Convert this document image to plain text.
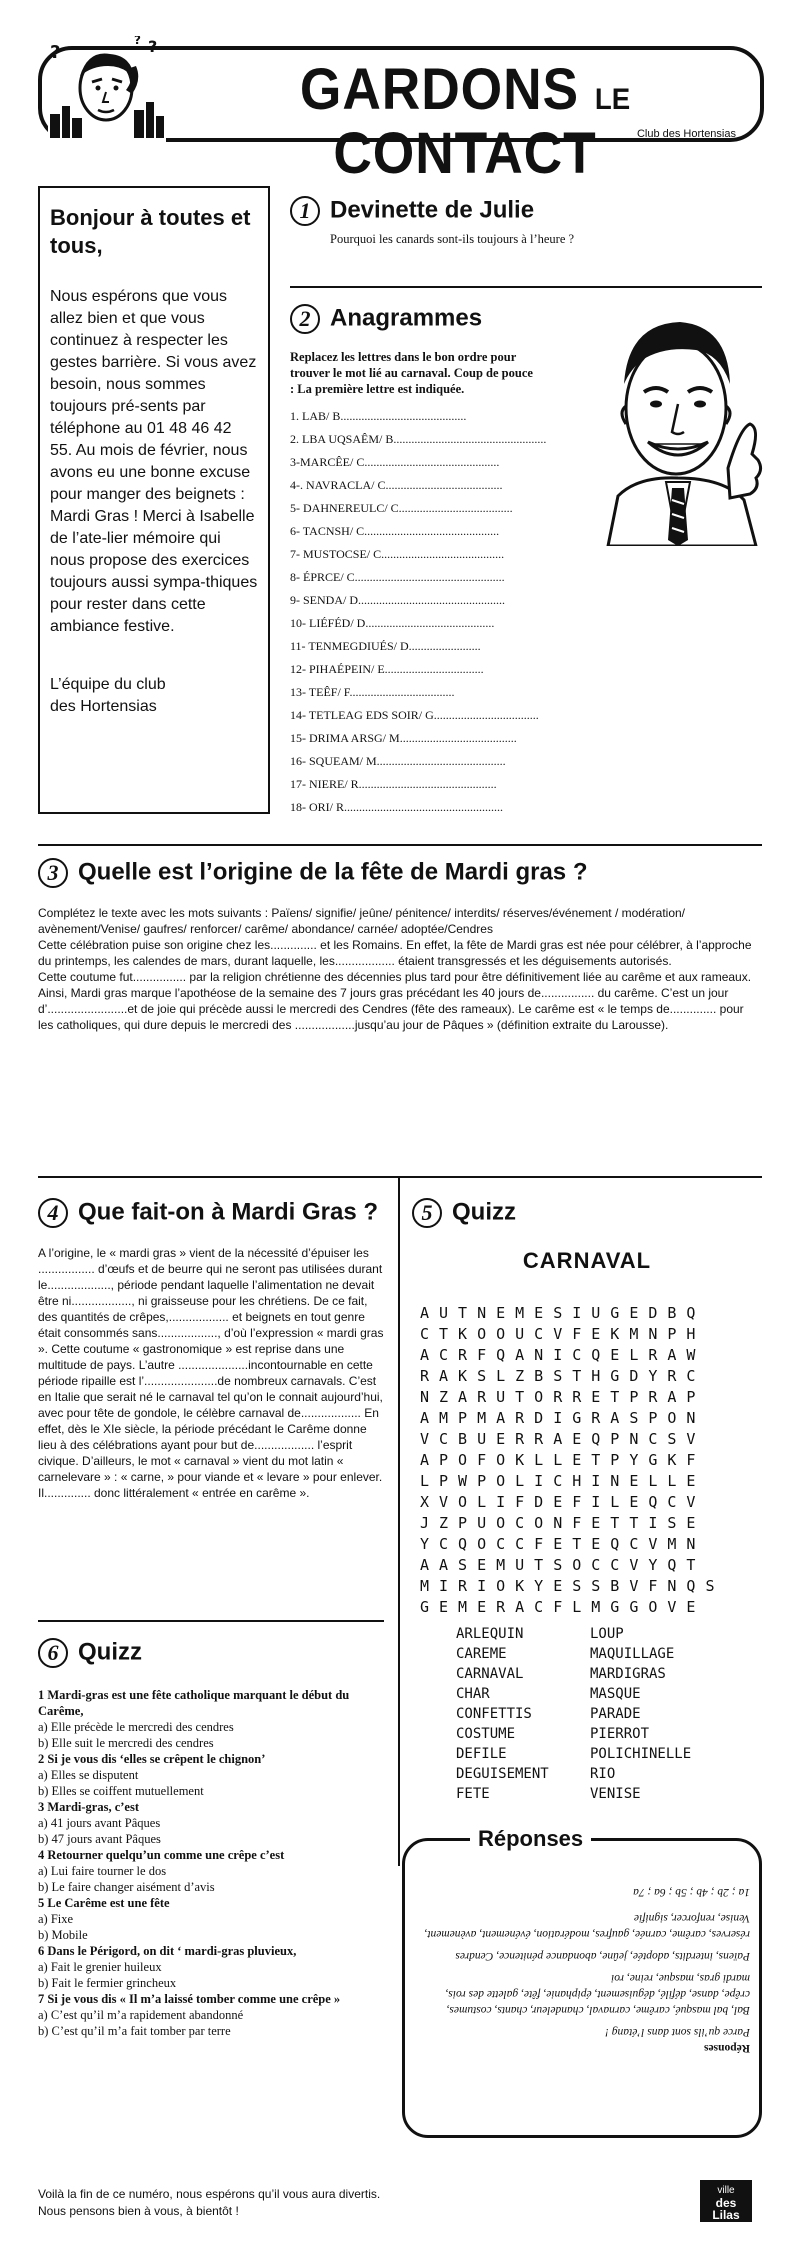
?	?
?
GARDONS LE CONTACT	Club des Hortensias
Bonjour à toutes et tous,

Nous espérons que vous allez bien et que vous continuez à respecter les gestes barrière. Si vous avez besoin, nous sommes toujours pré-sents par téléphone au 01 48 46 42 55. Au mois de février, nous avons eu une bonne excuse pour manger des beignets : Mardi Gras ! Merci à Isabelle de l’ate-lier mémoire qui nous propose des exercices toujours aussi sympa-thiques pour rester dans cette ambiance festive.

L’équipe du club

des Hortensias

1 Devinette de Julie
Pourquoi les canards sont-ils toujours à l’heure ?
2 Anagrammes
Replacez les lettres dans le bon ordre pour trouver le mot lié au carnaval. Coup de pouce : La première lettre est indiquée.
1. LAB/ B..........................................
2. LBA UQSAÊM/ B...................................................
3-MARCÊE/ C.............................................
4-. NAVRACLA/ C.......................................
5- DAHNEREULC/ C......................................
6- TACNSH/ C.............................................
7- MUSTOCSE/ C.........................................
8- ÉPRCE/ C..................................................
9- SENDA/ D.................................................
10- LIÉFÉD/ D...........................................
11- TENMEGDIUÉS/ D........................
12- PIHAÉPEIN/ E.................................
13- TEÊF/ F...................................
14- TETLEAG EDS SOIR/ G...................................
15- DRIMA ARSG/ M.......................................
16- SQUEAM/ M...........................................
17- NIERE/ R..............................................
18- ORI/ R.....................................................
3 Quelle est l’origine de la fête de Mardi gras ?
Complétez le texte avec les mots suivants : Païens/ signifie/ jeûne/ pénitence/ interdits/ réserves/événement / modération/ avènement/Venise/ gaufres/ renforcer/ carême/ abondance/ carnée/ adoptée/Cendres
Cette célébration puise son origine chez les.............. et les Romains. En effet, la fête de Mardi gras est née pour célébrer, à l’approche du printemps, les calendes de mars, durant laquelle, les.................. étaient transgressés et les déguisements autorisés.
Cette coutume fut................ par la religion chrétienne des décennies plus tard pour être définitivement liée au carême et aux rameaux. Ainsi, Mardi gras marque l’apothéose de la semaine des 7 jours gras précédant les 40 jours de................ du carême. C’est un jour d’........................et de joie qui précède aussi le mercredi des Cendres (fête des rameaux). Le carême est « le temps de.............. pour les catholiques, qui dure depuis le mercredi des ..................jusqu’au jour de Pâques » (définition extraite du Larousse).
4 Que fait-on à Mardi Gras ?
A l’origine, le « mardi gras » vient de la nécessité d’épuiser les ................. d’œufs et de beurre qui ne seront pas utilisées durant le..................., période pendant laquelle l’alimentation ne devait être ni.................., ni graisseuse pour les chrétiens. De ce fait, des quantités de crêpes,.................. et beignets en tout genre était consommés sans.................., d’où l’expression « mardi gras ». Cette coutume « gastronomique » est reprise dans une multitude de pays. L’autre .....................incontournable en cette période ripaille est l’......................de nombreux carnavals. C’est en Italie que serait né le carnaval tel qu’on le connait aujourd’hui, avec pour tête de gondole, le célèbre carnaval de.................. En effet, dès le XIe siècle, la période précédant le Carême donne lieu à des célébrations ayant pour but de.................. l’esprit civique. D’ailleurs, le mot « carnaval » vient du mot latin « carnelevare » : « carne, » pour viande et « levare » pour enlever. Il.............. donc littéralement « entrée en carême ».
5 Quizz
CARNAVAL
AUTNEMESIUGEDBQ
CTKOOUCVFEKMNPH
ACRFQANICQELRAW
RAKSLZBSTHGDYRC
NZARUTORRETPRAP
AMPMARDIGRASPON
VCBUERRAEQPNCSV
APOFOKLLETPYGKF
LPWPOLICHINELLE
XVOLIFDEFILEQCV
JZPUOCONFETTISE
YCQOCCFETEQCVMN
AASEMUTSOCCVYQT
MIRIOKYESSBVFNQS
GEMERACFLMGGOVE
ARLEQUIN
CAREME
CARNAVAL
CHAR
CONFETTIS
COSTUME
DEFILE
DEGUISEMENT
FETE
LOUP
MAQUILLAGE
MARDIGRAS
MASQUE
PARADE
PIERROT
POLICHINELLE
RIO
VENISE
6 Quizz
1 Mardi-gras est une fête catholique marquant le début du Carême,
a) Elle précède le mercredi des cendres
b) Elle suit le mercredi des cendres
2 Si je vous dis ‘elles se crêpent le chignon’
a) Elles se disputent
b) Elles se coiffent mutuellement
3 Mardi-gras, c’est
a) 41 jours avant Pâques
b) 47 jours avant Pâques
4 Retourner quelqu’un comme une crêpe c’est
a) Lui faire tourner le dos
b) Le faire changer aisément d’avis
5 Le Carême est une fête
a) Fixe
b) Mobile
6 Dans le Périgord, on dit ‘ mardi-gras pluvieux,
a) Fait le grenier huileux
b) Fait le fermier grincheux
7 Si je vous dis « Il m’a laissé tomber comme une crêpe »
a) C’est qu’il m’a rapidement abandonné
b) C’est qu’il m’a fait tomber par terre
Réponses
Réponses
Parce qu’ils sont dans l’étang !
Bal, bal masqué, carême, carnaval, chandeleur, chants, costumes, crêpe, danse, défilé, déguisement, épiphanie, fête, galette des rois, mardi gras, masque, reine, roi
Païens, interdits, adoptée, jeûne, abondance pénitence, Cendres
réserves, carême, carnée, gaufres, modération, événement, avènement, Venise, renforcer, signifie
1a ; 2b ; 4b ; 5b ; 6a ; 7a
Voilà la fin de ce numéro, nous espérons qu’il vous aura divertis.
Nous pensons bien à vous, à bientôt !
ville
des
Lilas
